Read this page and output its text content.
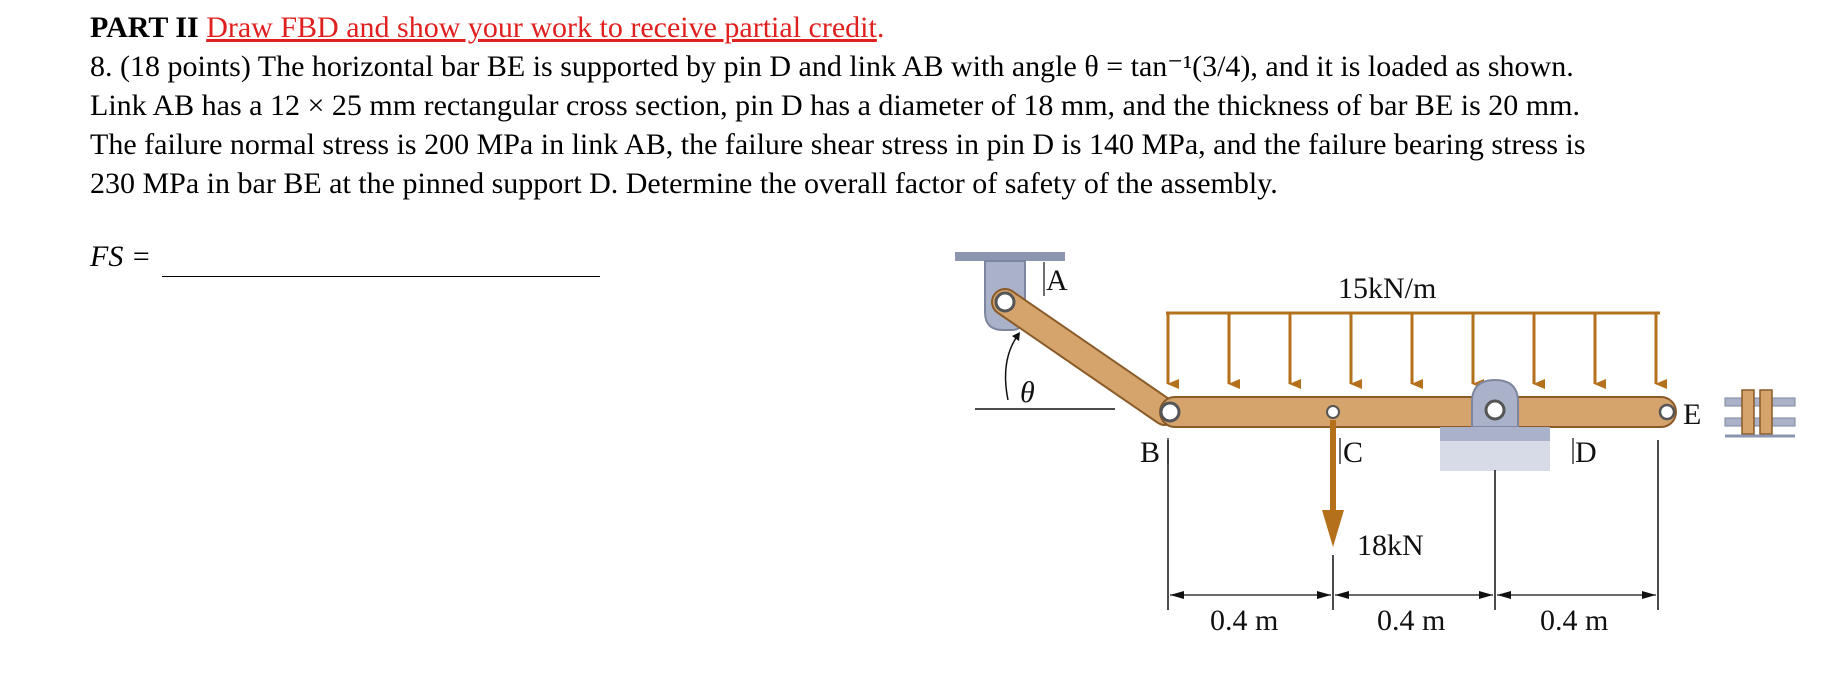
PART II Draw FBD and show your work to receive partial credit.
8. (18 points) The horizontal bar BE is supported by pin D and link AB with angle θ = tan⁻¹(3/4), and it is loaded as shown.
Link AB has a 12 × 25 mm rectangular cross section, pin D has a diameter of 18 mm, and the thickness of bar BE is 20 mm.
The failure normal stress is 200 MPa in link AB, the failure shear stress in pin D is 140 MPa, and the failure bearing stress is
230 MPa in bar BE at the pinned support D. Determine the overall factor of safety of the assembly.
FS =
A
θ
B	C	D
E
15kN/m
18kN
0.4 m	0.4 m	0.4 m
